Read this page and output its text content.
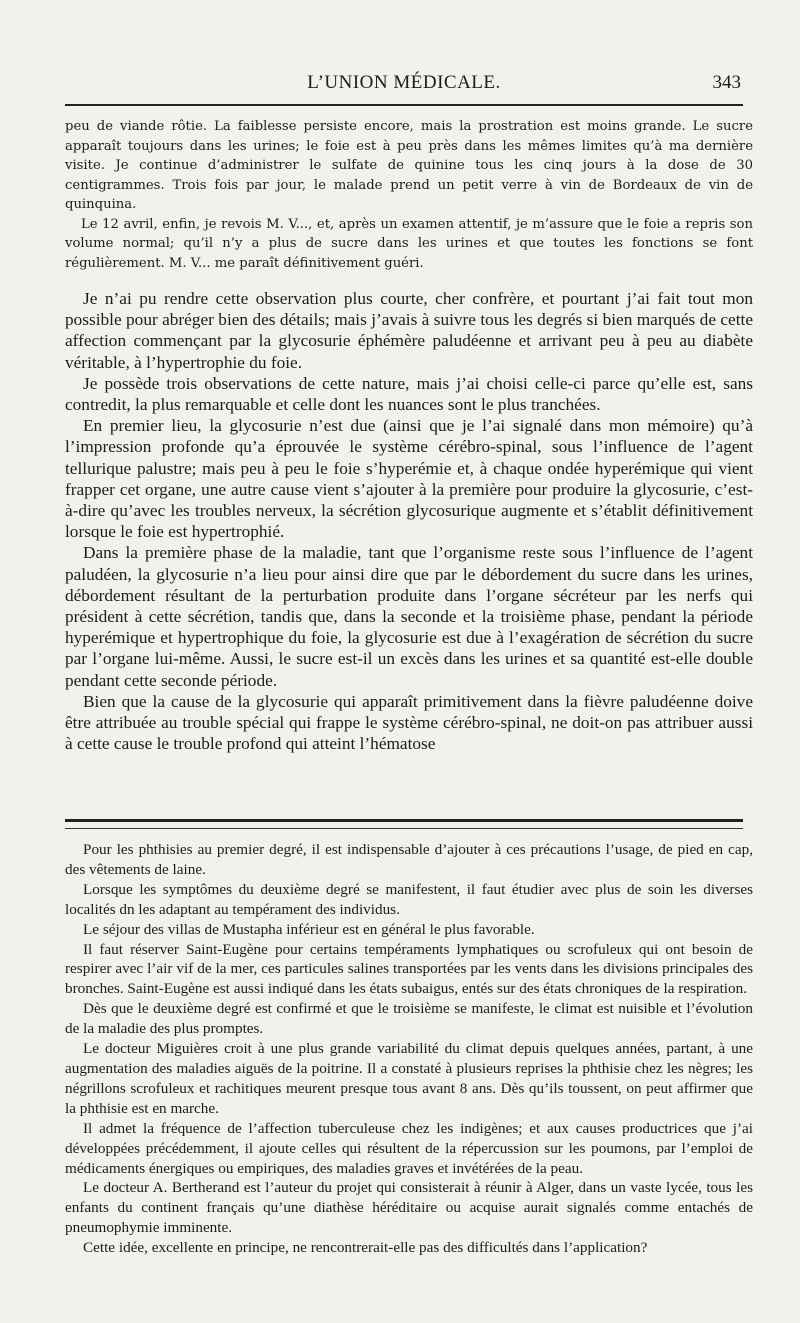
L’UNION MÉDICALE.	343

peu de viande rôtie. La faiblesse persiste encore, mais la prostration est moins grande. Le sucre apparaît toujours dans les urines; le foie est à peu près dans les mêmes limites qu’à ma dernière visite. Je continue d’administrer le sulfate de quinine tous les cinq jours à la dose de 30 centigrammes. Trois fois par jour, le malade prend un petit verre à vin de Bordeaux de vin de quinquina.

Le 12 avril, enfin, je revois M. V..., et, après un examen attentif, je m’assure que le foie a repris son volume normal; qu’il n’y a plus de sucre dans les urines et que toutes les fonctions se font régulièrement. M. V... me paraît définitivement guéri.

Je n’ai pu rendre cette observation plus courte, cher confrère, et pourtant j’ai fait tout mon possible pour abréger bien des détails; mais j’avais à suivre tous les degrés si bien marqués de cette affection commençant par la glycosurie éphémère paludéenne et arrivant peu à peu au diabète véritable, à l’hypertrophie du foie.

Je possède trois observations de cette nature, mais j’ai choisi celle-ci parce qu’elle est, sans contredit, la plus remarquable et celle dont les nuances sont le plus tranchées.

En premier lieu, la glycosurie n’est due (ainsi que je l’ai signalé dans mon mémoire) qu’à l’impression profonde qu’a éprouvée le système cérébro-spinal, sous l’influence de l’agent tellurique palustre; mais peu à peu le foie s’hyperémie et, à chaque ondée hyperémique qui vient frapper cet organe, une autre cause vient s’ajouter à la première pour produire la glycosurie, c’est-à-dire qu’avec les troubles nerveux, la sécrétion glycosurique augmente et s’établit définitivement lorsque le foie est hypertrophié.

Dans la première phase de la maladie, tant que l’organisme reste sous l’influence de l’agent paludéen, la glycosurie n’a lieu pour ainsi dire que par le débordement du sucre dans les urines, débordement résultant de la perturbation produite dans l’organe sécréteur par les nerfs qui président à cette sécrétion, tandis que, dans la seconde et la troisième phase, pendant la période hyperémique et hypertrophique du foie, la glycosurie est due à l’exagération de sécrétion du sucre par l’organe lui-même. Aussi, le sucre est-il un excès dans les urines et sa quantité est-elle double pendant cette seconde période.

Bien que la cause de la glycosurie qui apparaît primitivement dans la fièvre paludéenne doive être attribuée au trouble spécial qui frappe le système cérébro-spinal, ne doit-on pas attribuer aussi à cette cause le trouble profond qui atteint l’hématose

Pour les phthisies au premier degré, il est indispensable d’ajouter à ces précautions l’usage, de pied en cap, des vêtements de laine.

Lorsque les symptômes du deuxième degré se manifestent, il faut étudier avec plus de soin les diverses localités dn les adaptant au tempérament des individus.

Le séjour des villas de Mustapha inférieur est en général le plus favorable.

Il faut réserver Saint-Eugène pour certains tempéraments lymphatiques ou scrofuleux qui ont besoin de respirer avec l’air vif de la mer, ces particules salines transportées par les vents dans les divisions principales des bronches. Saint-Eugène est aussi indiqué dans les états subaigus, entés sur des états chroniques de la respiration.

Dès que le deuxième degré est confirmé et que le troisième se manifeste, le climat est nuisible et l’évolution de la maladie des plus promptes.

Le docteur Miguières croit à une plus grande variabilité du climat depuis quelques années, partant, à une augmentation des maladies aiguës de la poitrine. Il a constaté à plusieurs reprises la phthisie chez les nègres; les négrillons scrofuleux et rachitiques meurent presque tous avant 8 ans. Dès qu’ils toussent, on peut affirmer que la phthisie est en marche.

Il admet la fréquence de l’affection tuberculeuse chez les indigènes; et aux causes productrices que j’ai développées précédemment, il ajoute celles qui résultent de la répercussion sur les poumons, par l’emploi de médicaments énergiques ou empiriques, des maladies graves et invétérées de la peau.

Le docteur A. Bertherand est l’auteur du projet qui consisterait à réunir à Alger, dans un vaste lycée, tous les enfants du continent français qu’une diathèse héréditaire ou acquise aurait signalés comme entachés de pneumophymie imminente.

Cette idée, excellente en principe, ne rencontrerait-elle pas des difficultés dans l’application?
